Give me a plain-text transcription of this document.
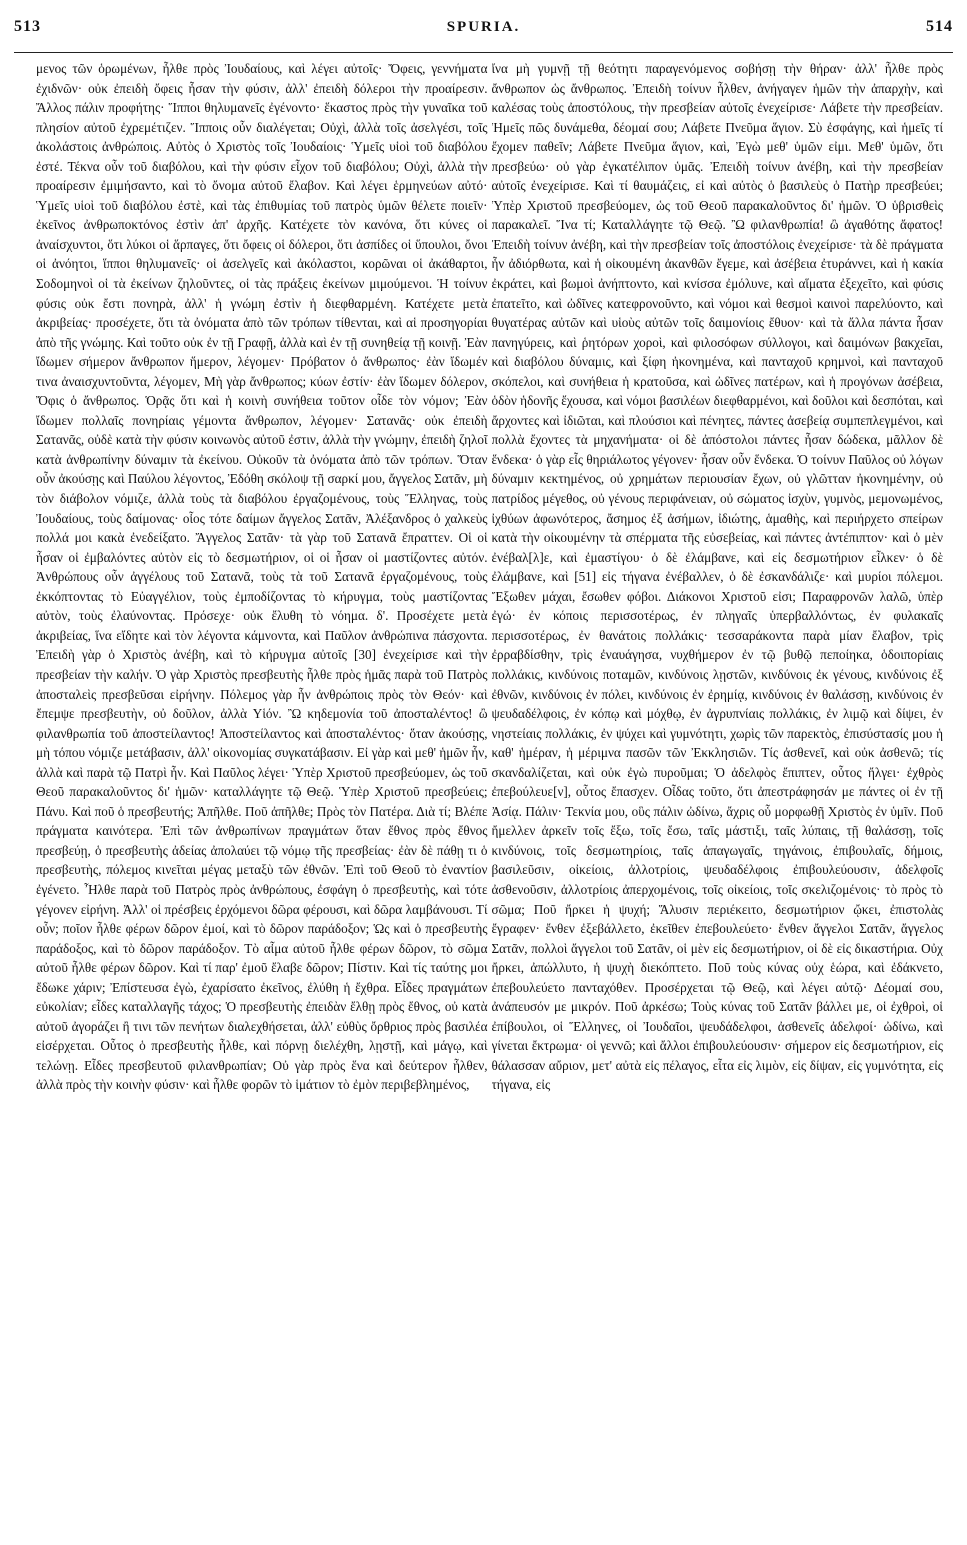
513	SPURIA.	514

μενος τῶν ὁρωμένων, ἦλθε πρὸς Ἰουδαίους, καὶ λέγει αὐτοῖς· Ὄφεις, γεννήματα ἐχιδνῶν· οὐκ ἐπειδὴ ὄφεις ἦσαν τὴν φύσιν, ἀλλ' ἐπειδὴ δόλεροι τὴν προαίρεσιν. Ἄλλος πάλιν προφήτης· Ἵπποι θηλυμανεῖς ἐγένοντο· ἕκαστος πρὸς τὴν γυναῖκα τοῦ πλησίον αὐτοῦ ἐχρεμέτιζεν. Ἵπποις οὖν διαλέγεται; Οὐχὶ, ἀλλὰ τοῖς ἀσελγέσι, τοῖς ἀκολάστοις ἀνθρώποις. Αὐτὸς ὁ Χριστὸς τοῖς Ἰουδαίοις· Ὑμεῖς υἱοὶ τοῦ διαβόλου ἐστέ. Τέκνα οὖν τοῦ διαβόλου, καὶ τὴν φύσιν εἶχον τοῦ διαβόλου; Οὐχὶ, ἀλλὰ τὴν προαίρεσιν ἐμιμήσαντο, καὶ τὸ ὄνομα αὐτοῦ ἔλαβον. Καὶ λέγει ἑρμηνεύων αὐτό· Ὑμεῖς υἱοὶ τοῦ διαβόλου ἐστὲ, καὶ τὰς ἐπιθυμίας τοῦ πατρὸς ὑμῶν θέλετε ποιεῖν· ἐκεῖνος ἀνθρωποκτόνος ἐστὶν ἀπ' ἀρχῆς. Κατέχετε τὸν κανόνα, ὅτι κύνες οἱ ἀναίσχυντοι, ὅτι λύκοι οἱ ἅρπαγες, ὅτι ὄφεις οἱ δόλεροι, ὅτι ἀσπίδες οἱ ὕπουλοι, ὄνοι οἱ ἀνόητοι, ἵπποι θηλυμανεῖς· οἱ ἀσελγεῖς καὶ ἀκόλαστοι, κορῶναι οἱ ἀκάθαρτοι, Σοδομηνοὶ οἱ τὰ ἐκείνων ζηλοῦντες, οἱ τὰς πράξεις ἐκείνων μιμούμενοι. Ἡ τοίνυν φύσις οὐκ ἔστι πονηρὰ, ἀλλ' ἡ γνώμη ἐστὶν ἡ διεφθαρμένη. Κατέχετε μετὰ ἀκριβείας· προσέχετε, ὅτι τὰ ὀνόματα ἀπὸ τῶν τρόπων τίθενται, καὶ αἱ προσηγορίαι ἀπὸ τῆς γνώμης. Καὶ τοῦτο οὐκ ἐν τῇ Γραφῇ, ἀλλὰ καὶ ἐν τῇ συνηθείᾳ τῇ κοινῇ. Ἐὰν ἴδωμεν σήμερον ἄνθρωπον ἥμερον, λέγομεν· Πρόβατον ὁ ἄνθρωπος· ἐὰν ἴδωμέν τινα ἀναισχυντοῦντα, λέγομεν, Μὴ γὰρ ἄνθρωπος; κύων ἐστίν· ἐὰν ἴδωμεν δόλερον, Ὄφις ὁ ἄνθρωπος. Ὁρᾷς ὅτι καὶ ἡ κοινὴ συνήθεια τοῦτον οἶδε τὸν νόμον; Ἐὰν ἴδωμεν πολλαῖς πονηρίαις γέμοντα ἄνθρωπον, λέγομεν· Σατανᾶς· οὐκ ἐπειδὴ Σατανᾶς, οὐδὲ κατὰ τὴν φύσιν κοινωνὸς αὐτοῦ ἐστιν, ἀλλὰ τὴν γνώμην, ἐπειδὴ ζηλοῖ κατὰ ἀνθρωπίνην δύναμιν τὰ ἐκείνου. Οὐκοῦν τὰ ὀνόματα ἀπὸ τῶν τρόπων. Ὅταν οὖν ἀκούσῃς καὶ Παύλου λέγοντος, Ἐδόθη σκόλοψ τῇ σαρκί μου, ἄγγελος Σατᾶν, μὴ τὸν διάβολον νόμιζε, ἀλλὰ τοὺς τὰ διαβόλου ἐργαζομένους, τοὺς Ἕλληνας, τοὺς Ἰουδαίους, τοὺς δαίμονας· οἷος τότε δαίμων ἄγγελος Σατᾶν, Ἀλέξανδρος ὁ χαλκεὺς πολλά μοι κακὰ ἐνεδείξατο. Ἄγγελος Σατᾶν· τὰ γὰρ τοῦ Σατανᾶ ἔπραττεν. Οἱ οἱ ἦσαν οἱ ἐμβαλόντες αὐτὸν εἰς τὸ δεσμωτήριον, οἱ οἱ ἦσαν οἱ μαστίζοντες αὐτόν. Ἀνθρώπους οὖν ἀγγέλους τοῦ Σατανᾶ, τοὺς τὰ τοῦ Σατανᾶ ἐργαζομένους, τοὺς ἐκκόπτοντας τὸ Εὐαγγέλιον, τοὺς ἐμποδίζοντας τὸ κήρυγμα, τοὺς μαστίζοντας αὐτὸν, τοὺς ἐλαύνοντας. Πρόσεχε· οὐκ ἔλυθη τὸ νόημα. δ'. Προσέχετε μετὰ ἀκριβείας, ἵνα εἴδητε καὶ τὸν λέγοντα κάμνοντα, καὶ Παῦλον ἀνθρώπινα πάσχοντα. Ἐπειδὴ γὰρ ὁ Χριστὸς ἀνέβη, καὶ τὸ κήρυγμα αὐτοῖς [30] ἐνεχείρισε καὶ τὴν πρεσβείαν τὴν καλήν. Ὁ γὰρ Χριστὸς πρεσβευτὴς ἦλθε πρὸς ἡμᾶς παρὰ τοῦ Πατρὸς ἀποσταλεὶς πρεσβεῦσαι εἰρήνην. Πόλεμος γὰρ ἦν ἀνθρώποις πρὸς τὸν Θεόν· καὶ ἔπεμψε πρεσβευτὴν, οὐ δοῦλον, ἀλλὰ Υἱόν. Ὢ κηδεμονία τοῦ ἀποσταλέντος! ὢ φιλανθρωπία τοῦ ἀποστείλαντος! Ἀποστείλαντος καὶ ἀποσταλέντος· ὅταν ἀκούσῃς, μὴ τόπου νόμιζε μετάβασιν, ἀλλ' οἰκονομίας συγκατάβασιν. Εἰ γὰρ καὶ μεθ' ἡμῶν ἦν, ἀλλὰ καὶ παρὰ τῷ Πατρὶ ἦν. Καὶ Παῦλος λέγει· Ὑπὲρ Χριστοῦ πρεσβεύομεν, ὡς τοῦ Θεοῦ παρακαλοῦντος δι' ἡμῶν· καταλλάγητε τῷ Θεῷ. Ὑπὲρ Χριστοῦ πρεσβεύεις; Πάνυ. Καὶ ποῦ ὁ πρεσβευτής; Ἀπῆλθε. Ποῦ ἀπῆλθε; Πρὸς τὸν Πατέρα. Διὰ τί; Βλέπε πράγματα καινότερα. Ἐπὶ τῶν ἀνθρωπίνων πραγμάτων ὅταν ἔθνος πρὸς ἔθνος πρεσβεύῃ, ὁ πρεσβευτὴς ἀδείας ἀπολαύει τῷ νόμῳ τῆς πρεσβείας· ἐὰν δὲ πάθῃ τι ὁ πρεσβευτὴς, πόλεμος κινεῖται μέγας μεταξὺ τῶν ἐθνῶν. Ἐπὶ τοῦ Θεοῦ τὸ ἐναντίον ἐγένετο. Ἦλθε παρὰ τοῦ Πατρὸς πρὸς ἀνθρώπους, ἐσφάγη ὁ πρεσβευτὴς, καὶ τότε γέγονεν εἰρήνη. Ἀλλ' οἱ πρέσβεις ἐρχόμενοι δῶρα φέρουσι, καὶ δῶρα λαμβάνουσι. Τί οὖν; ποῖον ἦλθε φέρων δῶρον ἐμοί, καὶ τὸ δῶρον παράδοξον; Ὡς καὶ ὁ πρεσβευτὴς παράδοξος, καὶ τὸ δῶρον παράδοξον. Τὸ αἷμα αὐτοῦ ἦλθε φέρων δῶρον, τὸ σῶμα αὐτοῦ ἦλθε φέρων δῶρον. Καὶ τί παρ' ἐμοῦ ἔλαβε δῶρον; Πίστιν. Καὶ τίς ταύτης μοι ἔδωκε χάριν; Ἐπίστευσα ἐγὼ, ἐχαρίσατο ἐκεῖνος, ἐλύθη ἡ ἔχθρα. Εἶδες πραγμάτων εὐκολίαν; εἶδες καταλλαγῆς τάχος; Ὁ πρεσβευτὴς ἐπειδὰν ἔλθῃ πρὸς ἔθνος, οὐ κατὰ αὐτοῦ ἀγοράζει ἢ τινι τῶν πενήτων διαλεχθήσεται, ἀλλ' εὐθὺς ὄρθριος πρὸς βασιλέα εἰσέρχεται. Οὗτος ὁ πρεσβευτὴς ἦλθε, καὶ πόρνῃ διελέχθη, λῃστῇ, καὶ μάγῳ, καὶ τελώνῃ. Εἶδες πρεσβευτοῦ φιλανθρωπίαν; Οὐ γὰρ πρὸς ἕνα καὶ δεύτερον ἦλθεν, ἀλλὰ πρὸς τὴν κοινὴν φύσιν· καὶ ἦλθε φορῶν τὸ ἱμάτιον τὸ ἐμὸν περιβεβλημένος,

ἵνα μὴ γυμνῇ τῇ θεότητι παραγενόμενος σοβήσῃ τὴν θήραν· ἀλλ' ἦλθε πρὸς ἄνθρωπον ὡς ἄνθρωπος. Ἐπειδὴ τοίνυν ἦλθεν, ἀνήγαγεν ἡμῶν τὴν ἀπαρχὴν, καὶ καλέσας τοὺς ἀποστόλους, τὴν πρεσβείαν αὐτοῖς ἐνεχείρισε· Λάβετε τὴν πρεσβείαν. Ἡμεῖς πῶς δυνάμεθα, δέομαί σου; Λάβετε Πνεῦμα ἅγιον. Σὺ ἐσφάγης, καὶ ἡμεῖς τί ἔχομεν παθεῖν; Λάβετε Πνεῦμα ἅγιον, καὶ, Ἐγὼ μεθ' ὑμῶν εἰμι. Μεθ' ὑμῶν, ὅτι πρεσβεύω· οὐ γὰρ ἐγκατέλιπον ὑμᾶς. Ἐπειδὴ τοίνυν ἀνέβη, καὶ τὴν πρεσβείαν αὐτοῖς ἐνεχείρισε. Καὶ τί θαυμάζεις, εἰ καὶ αὐτὸς ὁ βασιλεὺς ὁ Πατὴρ πρεσβεύει; Ὑπὲρ Χριστοῦ πρεσβεύομεν, ὡς τοῦ Θεοῦ παρακαλοῦντος δι' ἡμῶν. Ὁ ὑβρισθεὶς παρακαλεῖ. Ἵνα τί; Καταλλάγητε τῷ Θεῷ. Ὢ φιλανθρωπία! ὢ ἀγαθότης ἄφατος! Ἐπειδὴ τοίνυν ἀνέβη, καὶ τὴν πρεσβείαν τοῖς ἀποστόλοις ἐνεχείρισε· τὰ δὲ πράγματα ἦν ἀδιόρθωτα, καὶ ἡ οἰκουμένη ἀκανθῶν ἔγεμε, καὶ ἀσέβεια ἐτυράννει, καὶ ἡ κακία ἐκράτει, καὶ βωμοὶ ἀνήπτοντο, καὶ κνίσσα ἐμόλυνε, καὶ αἵματα ἐξεχεῖτο, καὶ φύσις ἐπατεῖτο, καὶ ὠδῖνες κατεφρονοῦντο, καὶ νόμοι καὶ θεσμοὶ καινοὶ παρελύοντο, καὶ θυγατέρας αὐτῶν καὶ υἱοὺς αὐτῶν τοῖς δαιμονίοις ἔθυον· καὶ τὰ ἄλλα πάντα ἦσαν πανηγύρεις, καὶ ῥητόρων χοροὶ, καὶ φιλοσόφων σύλλογοι, καὶ δαιμόνων βακχεῖαι, καὶ διαβόλου δύναμις, καὶ ξίφη ἠκονημένα, καὶ πανταχοῦ κρημνοὶ, καὶ πανταχοῦ σκόπελοι, καὶ συνήθεια ἡ κρατοῦσα, καὶ ὠδῖνες πατέρων, καὶ ἡ προγόνων ἀσέβεια, ὁδὸν ἡδονῆς ἔχουσα, καὶ νόμοι βασιλέων διεφθαρμένοι, καὶ δοῦλοι καὶ δεσπόται, καὶ ἄρχοντες καὶ ἰδιῶται, καὶ πλούσιοι καὶ πένητες, πάντες ἀσεβείᾳ συμπεπλεγμένοι, καὶ πολλὰ ἔχοντες τὰ μηχανήματα· οἱ δὲ ἀπόστολοι πάντες ἦσαν δώδεκα, μᾶλλον δὲ ἕνδεκα· ὁ γὰρ εἷς θηριάλωτος γέγονεν· ἦσαν οὖν ἕνδεκα. Ὁ τοίνυν Παῦλος οὐ λόγων δύναμιν κεκτημένος, οὐ χρημάτων περιουσίαν ἔχων, οὐ γλῶτταν ἠκονημένην, οὐ πατρίδος μέγεθος, οὐ γένους περιφάνειαν, οὐ σώματος ἰσχὺν, γυμνὸς, μεμονωμένος, ἰχθύων ἀφωνότερος, ἄσημος ἐξ ἀσήμων, ἰδιώτης, ἁμαθὴς, καὶ περιήρχετο σπείρων κατὰ τὴν οἰκουμένην τὰ σπέρματα τῆς εὐσεβείας, καὶ πάντες ἀντέπιπτον· καὶ ὁ μὲν ἐνέβαλ[λ]ε, καὶ ἐμαστίγου· ὁ δὲ ἐλάμβανε, καὶ εἰς δεσμωτήριον εἷλκεν· ὁ δὲ ἐλάμβανε, καὶ [51] εἰς τήγανα ἐνέβαλλεν, ὁ δὲ ἐσκανδάλιζε· καὶ μυρίοι πόλεμοι. Ἔξωθεν μάχαι, ἔσωθεν φόβοι. Διάκονοι Χριστοῦ εἰσι; Παραφρονῶν λαλῶ, ὑπὲρ ἐγώ· ἐν κόποις περισσοτέρως, ἐν πληγαῖς ὑπερβαλλόντως, ἐν φυλακαῖς περισσοτέρως, ἐν θανάτοις πολλάκις· τεσσαράκοντα παρὰ μίαν ἔλαβον, τρὶς ἐρραβδίσθην, τρὶς ἐναυάγησα, νυχθήμερον ἐν τῷ βυθῷ πεποίηκα, ὁδοιπορίαις πολλάκις, κινδύνοις ποταμῶν, κινδύνοις λῃστῶν, κινδύνοις ἐκ γένους, κινδύνοις ἐξ ἐθνῶν, κινδύνοις ἐν πόλει, κινδύνοις ἐν ἐρημίᾳ, κινδύνοις ἐν θαλάσσῃ, κινδύνοις ἐν ψευδαδέλφοις, ἐν κόπῳ καὶ μόχθῳ, ἐν ἀγρυπνίαις πολλάκις, ἐν λιμῷ καὶ δίψει, ἐν νηστείαις πολλάκις, ἐν ψύχει καὶ γυμνότητι, χωρὶς τῶν παρεκτὸς, ἐπισύστασίς μου ἡ καθ' ἡμέραν, ἡ μέριμνα πασῶν τῶν Ἐκκλησιῶν. Τίς ἀσθενεῖ, καὶ οὐκ ἀσθενῶ; τίς σκανδαλίζεται, καὶ οὐκ ἐγὼ πυροῦμαι; Ὁ ἀδελφὸς ἔπιπτεν, οὗτος ἤλγει· ἐχθρὸς ἐπεβούλευε[ν], οὗτος ἔπασχεν. Οἶδας τοῦτο, ὅτι ἀπεστράφησάν με πάντες οἱ ἐν τῇ Ἀσίᾳ. Πάλιν· Τεκνία μου, οὓς πάλιν ὠδίνω, ἄχρις οὗ μορφωθῇ Χριστὸς ἐν ὑμῖν. Ποῦ ἤμελλεν ἀρκεῖν τοῖς ἔξω, τοῖς ἔσω, ταῖς μάστιξι, ταῖς λύπαις, τῇ θαλάσσῃ, τοῖς κινδύνοις, τοῖς δεσμωτηρίοις, ταῖς ἀπαγωγαῖς, τηγάνοις, ἐπιβουλαῖς, δήμοις, βασιλεῦσιν, οἰκείοις, ἀλλοτρίοις, ψευδαδέλφοις ἐπιβουλεύουσιν, ἀδελφοῖς ἀσθενοῦσιν, ἀλλοτρίοις ἀπερχομένοις, τοῖς οἰκείοις, τοῖς σκελιζομένοις· τὸ πρὸς τὸ σῶμα; Ποῦ ἤρκει ἡ ψυχή; Ἅλυσιν περιέκειτο, δεσμωτήριον ᾤκει, ἐπιστολὰς ἔγραφεν· ἔνθεν ἐξεβάλλετο, ἐκεῖθεν ἐπεβουλεύετο· ἔνθεν ἄγγελοι Σατᾶν, ἄγγελος Σατᾶν, πολλοὶ ἄγγελοι τοῦ Σατᾶν, οἱ μὲν εἰς δεσμωτήριον, οἱ δὲ εἰς δικαστήρια. Οὐχ ἤρκει, ἀπώλλυτο, ἡ ψυχὴ διεκόπτετο. Ποῦ τοὺς κύνας οὐχ ἑώρα, καὶ ἐδάκνετο, ἐπεβουλεύετο πανταχόθεν. Προσέρχεται τῷ Θεῷ, καὶ λέγει αὐτῷ· Δέομαί σου, ἀνάπευσόν με μικρόν. Ποῦ ἀρκέσω; Τοὺς κύνας τοῦ Σατᾶν βάλλει με, οἱ ἐχθροὶ, οἱ ἐπίβουλοι, οἱ Ἕλληνες, οἱ Ἰουδαῖοι, ψευδάδελφοι, ἀσθενεῖς ἀδελφοί· ὠδίνω, καὶ γίνεται ἔκτρωμα· οἱ γεννῶ; καὶ ἄλλοι ἐπιβουλεύουσιν· σήμερον εἰς δεσμωτήριον, εἰς θάλασσαν αὔριον, μετ' αὐτὰ εἰς πέλαγος, εἶτα εἰς λιμὸν, εἰς δίψαν, εἰς γυμνότητα, εἰς τήγανα, εἰς
